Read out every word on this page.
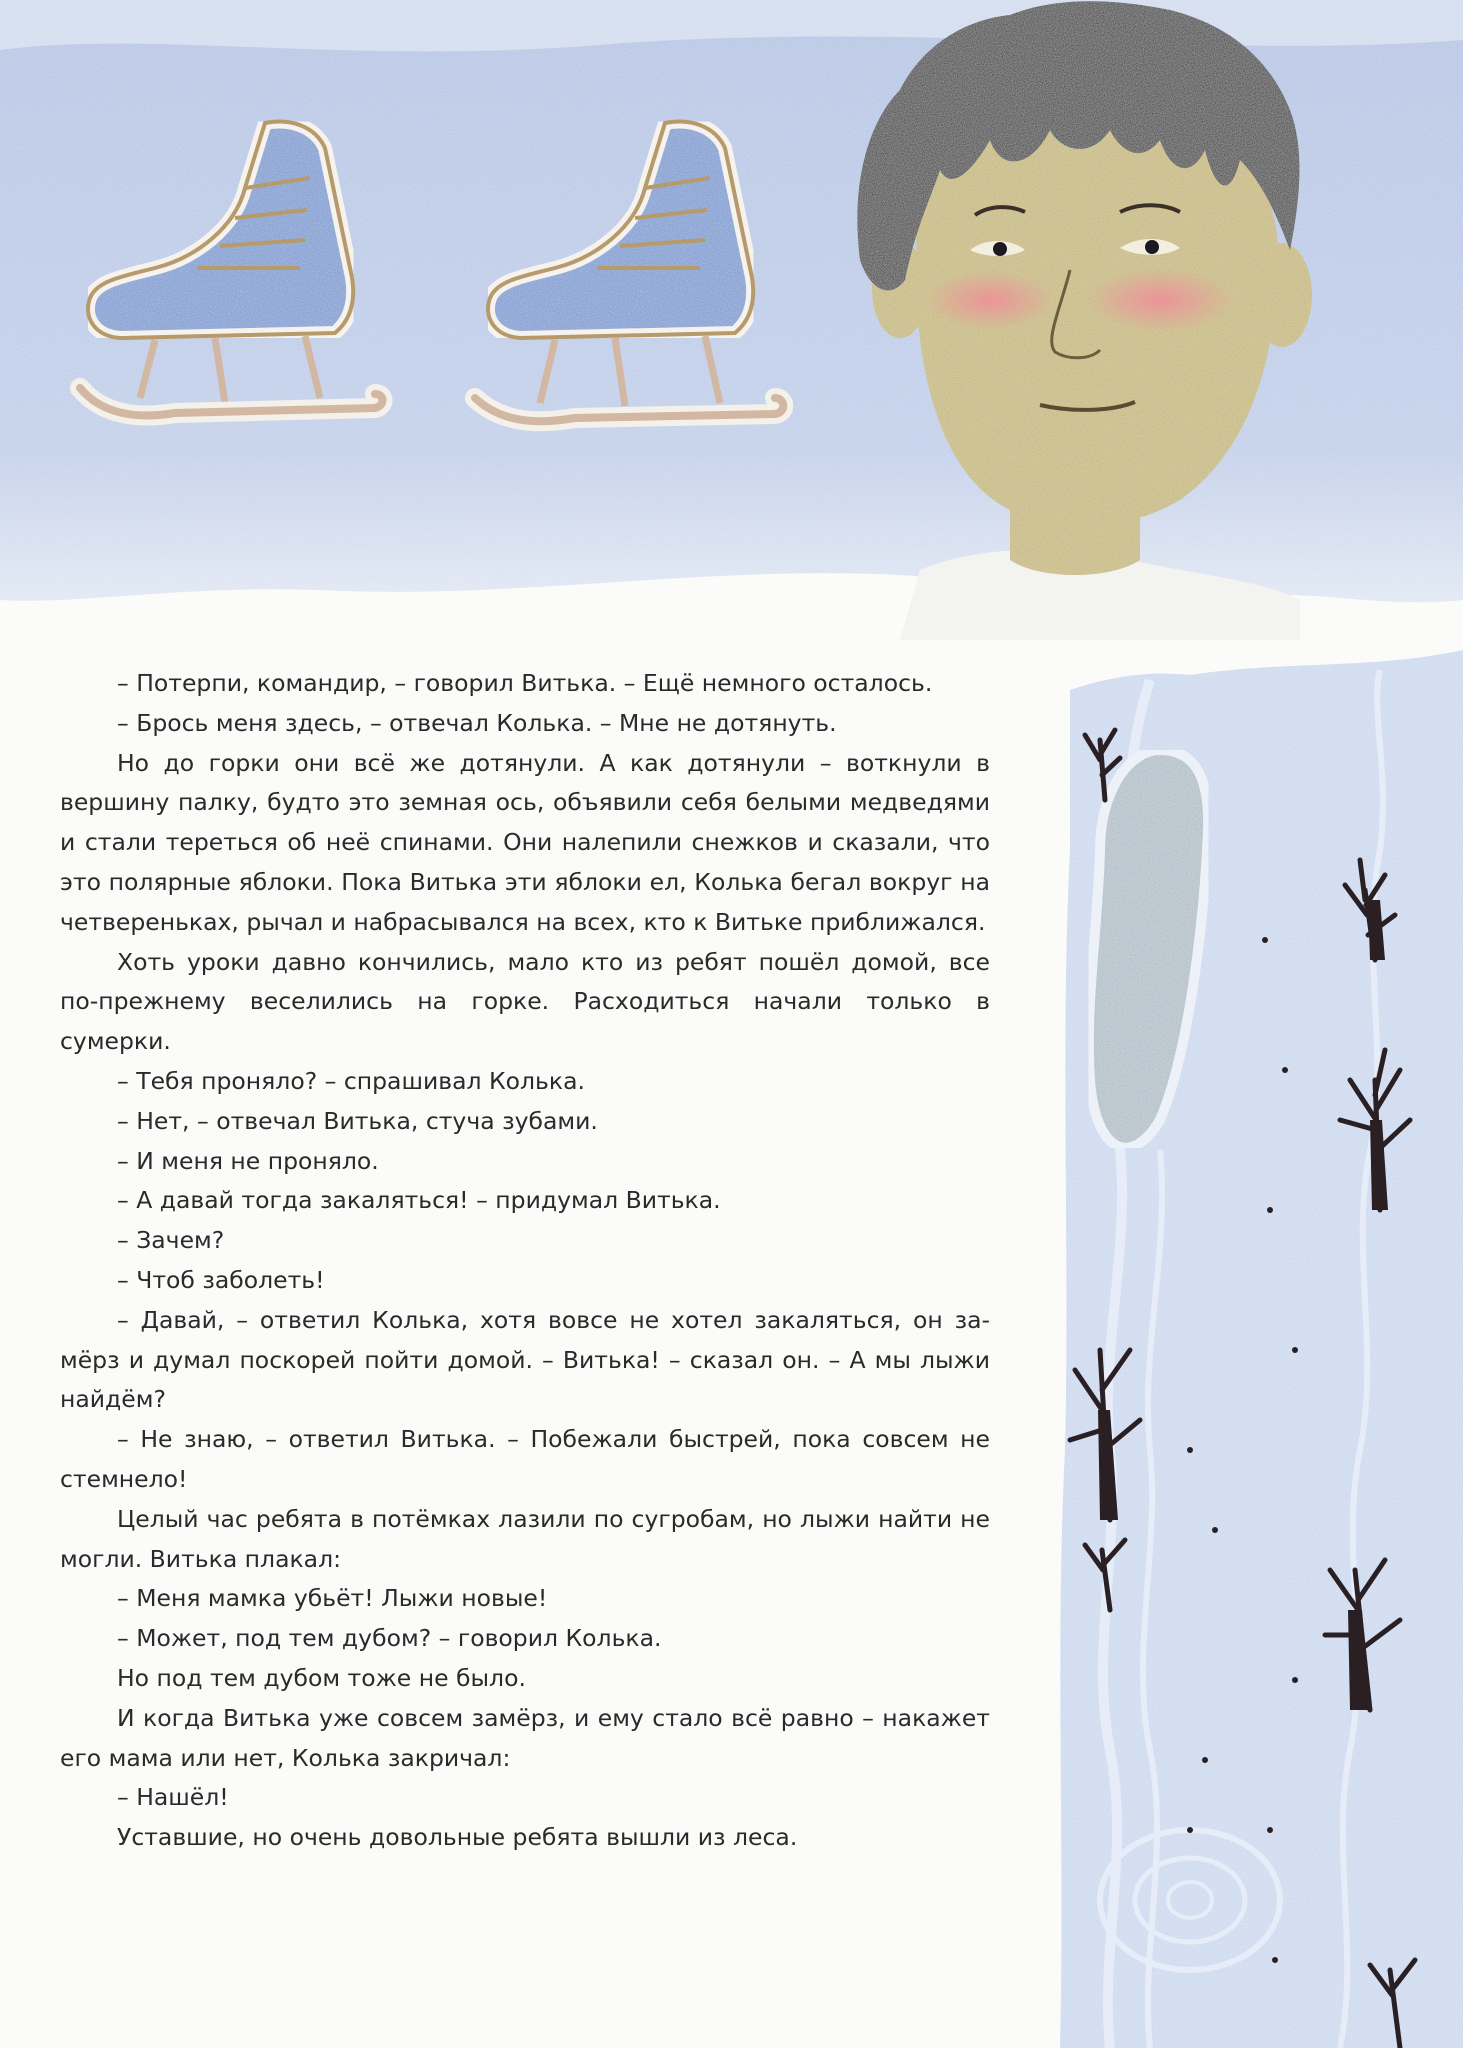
– Потерпи, командир, – говорил Витька. – Ещё немного осталось.

– Брось меня здесь, – отвечал Колька. – Мне не дотянуть.

Но до горки они всё же дотянули. А как дотянули – воткнули в вершину палку, будто это земная ось, объявили себя белыми медведями и стали тереться об неё спинами. Они налепили снежков и сказали, что это полярные яблоки. Пока Витька эти яблоки ел, Колька бегал вокруг на четвереньках, рычал и набрасывался на всех, кто к Витьке приближался.

Хоть уроки давно кончились, мало кто из ребят пошёл домой, все по-прежнему веселились на горке. Расходиться начали только в сумерки.

– Тебя проняло? – спрашивал Колька.

– Нет, – отвечал Витька, стуча зубами.

– И меня не проняло.

– А давай тогда закаляться! – придумал Витька.

– Зачем?

– Чтоб заболеть!

– Давай, – ответил Колька, хотя вовсе не хотел закаляться, он замёрз и думал поскорей пойти домой. – Витька! – сказал он. – А мы лыжи найдём?

– Не знаю, – ответил Витька. – Побежали быстрей, пока совсем не стемнело!

Целый час ребята в потёмках лазили по сугробам, но лыжи найти не могли. Витька плакал:

– Меня мамка убьёт! Лыжи новые!

– Может, под тем дубом? – говорил Колька.

Но под тем дубом тоже не было.

И когда Витька уже совсем замёрз, и ему стало всё равно – накажет его мама или нет, Колька закричал:

– Нашёл!

Уставшие, но очень довольные ребята вышли из леса.
